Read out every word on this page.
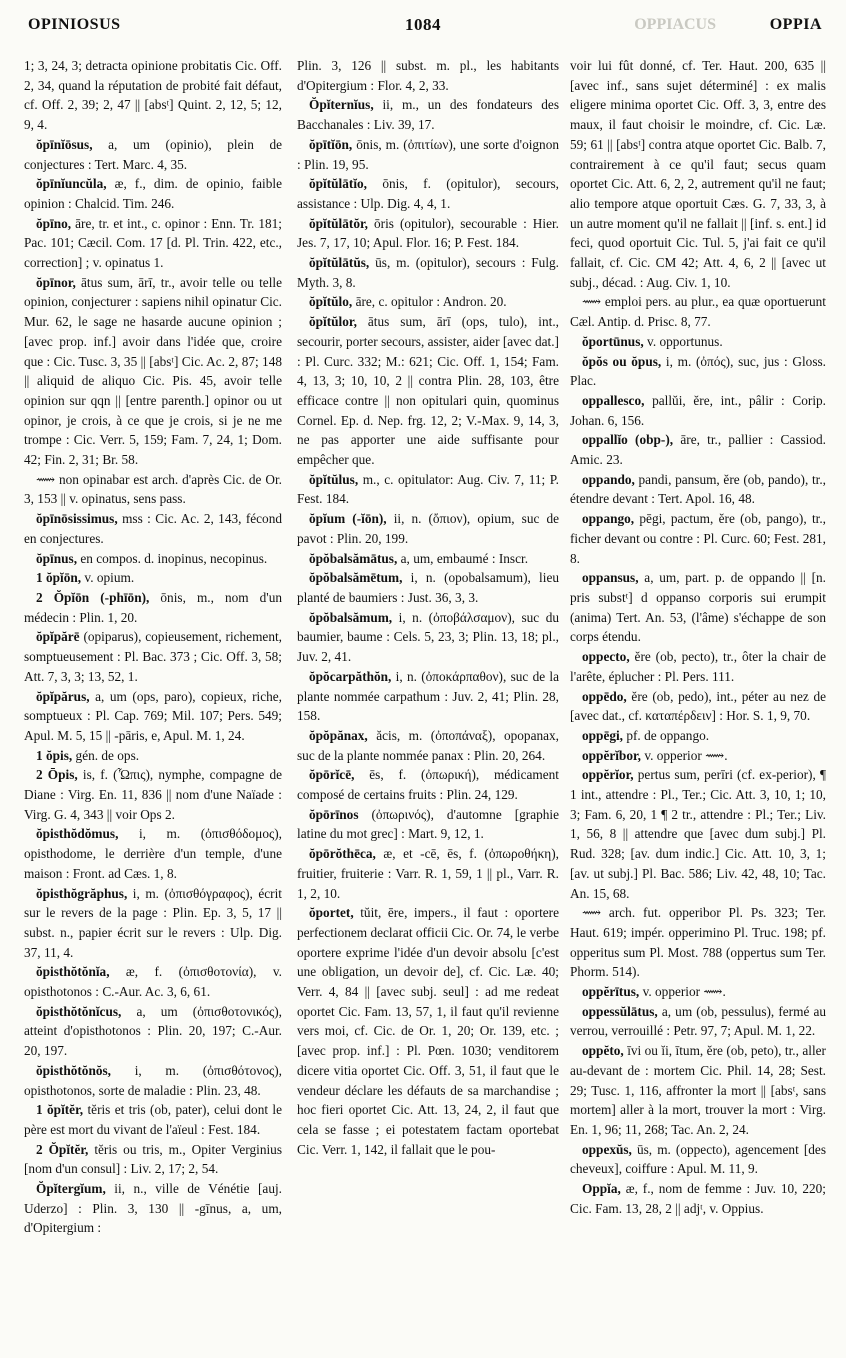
OPPIACUS
1084
OPINIOSUS	OPPIA

1; 3, 24, 3; detracta opinione probitatis Cic. Off. 2, 34, quand la réputation de probité fait défaut, cf. Off. 2, 39; 2, 47 || [absᵗ] Quint. 2, 12, 5; 12, 9, 4.

ŏpīnĭōsus, a, um (opinio), plein de conjectures : Tert. Marc. 4, 35.

ŏpīnĭuncŭla, æ, f., dim. de opinio, faible opinion : Chalcid. Tim. 246.

ŏpīno, āre, tr. et int., c. opinor : Enn. Tr. 181; Pac. 101; Cæcil. Com. 17 [d. Pl. Trin. 422, etc., correction] ; v. opinatus 1.

ŏpīnor, ātus sum, ārī, tr., avoir telle ou telle opinion, conjecturer : sapiens nihil opinatur Cic. Mur. 62, le sage ne hasarde aucune opinion ; [avec prop. inf.] avoir dans l'idée que, croire que : Cic. Tusc. 3, 35 || [absᵗ] Cic. Ac. 2, 87; 148 || aliquid de aliquo Cic. Pis. 45, avoir telle opinion sur qqn || [entre parenth.] opinor ou ut opinor, je crois, à ce que je crois, si je ne me trompe : Cic. Verr. 5, 159; Fam. 7, 24, 1; Dom. 42; Fin. 2, 31; Br. 58.

⟿ non opinabar est arch. d'après Cic. de Or. 3, 153 || v. opinatus, sens pass.

ŏpīnōsissimus, mss : Cic. Ac. 2, 143, fécond en conjectures.

ŏpīnus, en compos. d. inopinus, necopinus.

1 ŏpĭōn, v. opium.

2 Ŏpĭōn (-phīōn), ōnis, m., nom d'un médecin : Plin. 1, 20.

ŏpĭpărē (opiparus), copieusement, richement, somptueusement : Pl. Bac. 373 ; Cic. Off. 3, 58; Att. 7, 3, 3; 13, 52, 1.

ŏpĭpărus, a, um (ops, paro), copieux, riche, somptueux : Pl. Cap. 769; Mil. 107; Pers. 549; Apul. M. 5, 15 || -pāris, e, Apul. M. 1, 24.

1 ŏpis, gén. de ops.

2 Ōpis, is, f. (Ὦπις), nymphe, compagne de Diane : Virg. En. 11, 836 || nom d'une Naïade : Virg. G. 4, 343 || voir Ops 2.

ŏpisthŏdŏmus, i, m. (ὀπισθόδομος), opisthodome, le derrière d'un temple, d'une maison : Front. ad Cæs. 1, 8.

ŏpisthŏgrăphus, i, m. (ὀπισθόγραφος), écrit sur le revers de la page : Plin. Ep. 3, 5, 17 || subst. n., papier écrit sur le revers : Ulp. Dig. 37, 11, 4.

ŏpisthŏtŏnĭa, æ, f. (ὀπισθοτονία), v. opisthotonos : C.-Aur. Ac. 3, 6, 61.

ŏpisthŏtŏnĭcus, a, um (ὀπισθοτονικός), atteint d'opisthotonos : Plin. 20, 197; C.-Aur. 20, 197.

ŏpisthŏtŏnŏs, i, m. (ὀπισθότονος), opisthotonos, sorte de maladie : Plin. 23, 48.

1 ŏpĭtĕr, tĕris et tris (ob, pater), celui dont le père est mort du vivant de l'aïeul : Fest. 184.

2 Ŏpĭtĕr, tĕris ou tris, m., Opiter Verginius [nom d'un consul] : Liv. 2, 17; 2, 54.

Ŏpĭtergĭum, ii, n., ville de Vénétie [auj. Uderzo] : Plin. 3, 130 || -gīnus, a, um, d'Opitergium :

Plin. 3, 126 || subst. m. pl., les habitants d'Opitergium : Flor. 4, 2, 33.

Ŏpĭternĭus, ii, m., un des fondateurs des Bacchanales : Liv. 39, 17.

ŏpītĭōn, ōnis, m. (ὀπιτίων), une sorte d'oignon : Plin. 19, 95.

ŏpĭtŭlātĭo, ōnis, f. (opitulor), secours, assistance : Ulp. Dig. 4, 4, 1.

ŏpĭtŭlātŏr, ōris (opitulor), secourable : Hier. Jes. 7, 17, 10; Apul. Flor. 16; P. Fest. 184.

ŏpĭtŭlātŭs, ūs, m. (opitulor), secours : Fulg. Myth. 3, 8.

ŏpĭtŭlo, āre, c. opitulor : Andron. 20.

ŏpĭtŭlor, ātus sum, ārī (ops, tulo), int., secourir, porter secours, assister, aider [avec dat.] : Pl. Curc. 332; M.: 621; Cic. Off. 1, 154; Fam. 4, 13, 3; 10, 10, 2 || contra Plin. 28, 103, être efficace contre || non opitulari quin, quominus Cornel. Ep. d. Nep. frg. 12, 2; V.-Max. 9, 14, 3, ne pas apporter une aide suffisante pour empêcher que.

ŏpĭtŭlus, m., c. opitulator: Aug. Civ. 7, 11; P. Fest. 184.

ŏpĭum (-ĭōn), ii, n. (ὄπιον), opium, suc de pavot : Plin. 20, 199.

ŏpŏbalsămātus, a, um, embaumé : Inscr.

ŏpŏbalsămētum, i, n. (opobalsamum), lieu planté de baumiers : Just. 36, 3, 3.

ŏpŏbalsămum, i, n. (ὀποβάλσαμον), suc du baumier, baume : Cels. 5, 23, 3; Plin. 13, 18; pl., Juv. 2, 41.

ŏpŏcarpăthŏn, i, n. (ὀποκάρπαθον), suc de la plante nommée carpathum : Juv. 2, 41; Plin. 28, 158.

ŏpŏpănax, ăcis, m. (ὀποπάναξ), opopanax, suc de la plante nommée panax : Plin. 20, 264.

ŏpōrĭcē, ēs, f. (ὀπωρική), médicament composé de certains fruits : Plin. 24, 129.

ŏpōrīnos (ὀπωρινός), d'automne [graphie latine du mot grec] : Mart. 9, 12, 1.

ŏpōrŏthēca, æ, et -cē, ēs, f. (ὀπωροθήκη), fruitier, fruiterie : Varr. R. 1, 59, 1 || pl., Varr. R. 1, 2, 10.

ŏportet, tŭit, ēre, impers., il faut : oportere perfectionem declarat officii Cic. Or. 74, le verbe oportere exprime l'idée d'un devoir absolu [c'est une obligation, un devoir de], cf. Cic. Læ. 40; Verr. 4, 84 || [avec subj. seul] : ad me redeat oportet Cic. Fam. 13, 57, 1, il faut qu'il revienne vers moi, cf. Cic. de Or. 1, 20; Or. 139, etc. ; [avec prop. inf.] : Pl. Pœn. 1030; venditorem dicere vitia oportet Cic. Off. 3, 51, il faut que le vendeur déclare les défauts de sa marchandise ; hoc fieri oportet Cic. Att. 13, 24, 2, il faut que cela se fasse ; ei potestatem factam oportebat Cic. Verr. 1, 142, il fallait que le pou-

voir lui fût donné, cf. Ter. Haut. 200, 635 || [avec inf., sans sujet déterminé] : ex malis eligere minima oportet Cic. Off. 3, 3, entre des maux, il faut choisir le moindre, cf. Cic. Læ. 59; 61 || [absᵗ] contra atque oportet Cic. Balb. 7, contrairement à ce qu'il faut; secus quam oportet Cic. Att. 6, 2, 2, autrement qu'il ne faut; alio tempore atque oportuit Cæs. G. 7, 33, 3, à un autre moment qu'il ne fallait || [inf. s. ent.] id feci, quod oportuit Cic. Tul. 5, j'ai fait ce qu'il fallait, cf. Cic. CM 42; Att. 4, 6, 2 || [avec ut subj., décad. : Aug. Civ. 1, 10.

⟿ emploi pers. au plur., ea quæ oportuerunt Cæl. Antip. d. Prisc. 8, 77.

ŏportūnus, v. opportunus.

ŏpŏs ou ŏpus, i, m. (ὀπός), suc, jus : Gloss. Plac.

oppallesco, pallŭi, ĕre, int., pâlir : Corip. Johan. 6, 156.

oppallĭo (obp-), āre, tr., pallier : Cassiod. Amic. 23.

oppando, pandi, pansum, ĕre (ob, pando), tr., étendre devant : Tert. Apol. 16, 48.

oppango, pēgi, pactum, ĕre (ob, pango), tr., ficher devant ou contre : Pl. Curc. 60; Fest. 281, 8.

oppansus, a, um, part. p. de oppando || [n. pris substᵗ] d oppanso corporis sui erumpit (anima) Tert. An. 53, (l'âme) s'échappe de son corps étendu.

oppecto, ĕre (ob, pecto), tr., ôter la chair de l'arête, éplucher : Pl. Pers. 111.

oppēdo, ĕre (ob, pedo), int., péter au nez de [avec dat., cf. καταπέρδειν] : Hor. S. 1, 9, 70.

oppēgi, pf. de oppango.

oppĕrĭbor, v. opperior ⟿.

oppĕrĭor, pertus sum, perīri (cf. ex-perior), ¶ 1 int., attendre : Pl., Ter.; Cic. Att. 3, 10, 1; 10, 3; Fam. 6, 20, 1 ¶ 2 tr., attendre : Pl.; Ter.; Liv. 1, 56, 8 || attendre que [avec dum subj.] Pl. Rud. 328; [av. dum indic.] Cic. Att. 10, 3, 1; [av. ut subj.] Pl. Bac. 586; Liv. 42, 48, 10; Tac. An. 15, 68.

⟿ arch. fut. opperibor Pl. Ps. 323; Ter. Haut. 619; impér. opperimino Pl. Truc. 198; pf. opperitus sum Pl. Most. 788 (oppertus sum Ter. Phorm. 514).

oppĕrītus, v. opperior ⟿.

oppessŭlātus, a, um (ob, pessulus), fermé au verrou, verrouillé : Petr. 97, 7; Apul. M. 1, 22.

oppĕto, īvi ou ĭi, ītum, ĕre (ob, peto), tr., aller au-devant de : mortem Cic. Phil. 14, 28; Sest. 29; Tusc. 1, 116, affronter la mort || [absᵗ, sans mortem] aller à la mort, trouver la mort : Virg. En. 1, 96; 11, 268; Tac. An. 2, 24.

oppexŭs, ūs, m. (oppecto), agencement [des cheveux], coiffure : Apul. M. 11, 9.

Oppĭa, æ, f., nom de femme : Juv. 10, 220; Cic. Fam. 13, 28, 2 || adjᵗ, v. Oppius.
